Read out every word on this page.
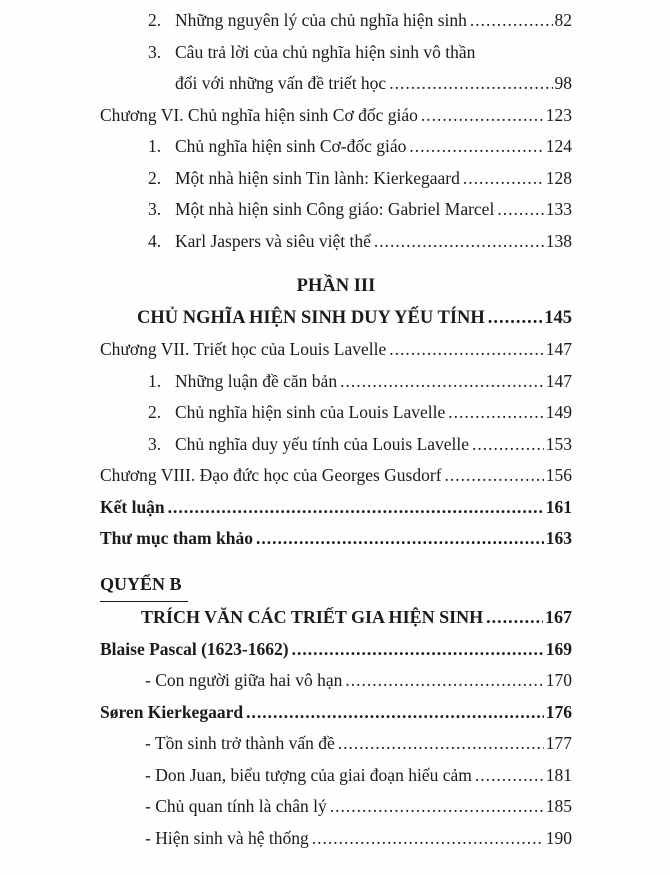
2. Những nguyên lý của chủ nghĩa hiện sinh .....	82
3. Câu trả lời của chủ nghĩa hiện sinh vô thần
đối với những vấn đề triết học .....	98
Chương VI. Chủ nghĩa hiện sinh Cơ đốc giáo .....	123
1. Chủ nghĩa hiện sinh Cơ-đốc giáo .....	124
2. Một nhà hiện sinh Tin lành: Kierkegaard .....	128
3. Một nhà hiện sinh Công giáo: Gabriel Marcel .....	133
4. Karl Jaspers và siêu việt thể .....	138
PHẦN III
CHỦ NGHĨA HIỆN SINH DUY YẾU TÍNH .....	145
Chương VII. Triết học của Louis Lavelle .....	147
1. Những luận đề căn bản .....	147
2. Chủ nghĩa hiện sinh của Louis Lavelle .....	149
3. Chủ nghĩa duy yếu tính của Louis Lavelle .....	153
Chương VIII. Đạo đức học của Georges Gusdorf .....	156
Kết luận .....	161
Thư mục tham khảo .....	163
QUYỂN B
TRÍCH VĂN CÁC TRIẾT GIA HIỆN SINH .....	167
Blaise Pascal (1623-1662) .....	169
- Con người giữa hai vô hạn .....	170
Søren Kierkegaard .....	176
- Tồn sinh trở thành vấn đề .....	177
- Don Juan, biểu tượng của giai đoạn hiếu cảm .....	181
- Chủ quan tính là chân lý .....	185
- Hiện sinh và hệ thống .....	190
